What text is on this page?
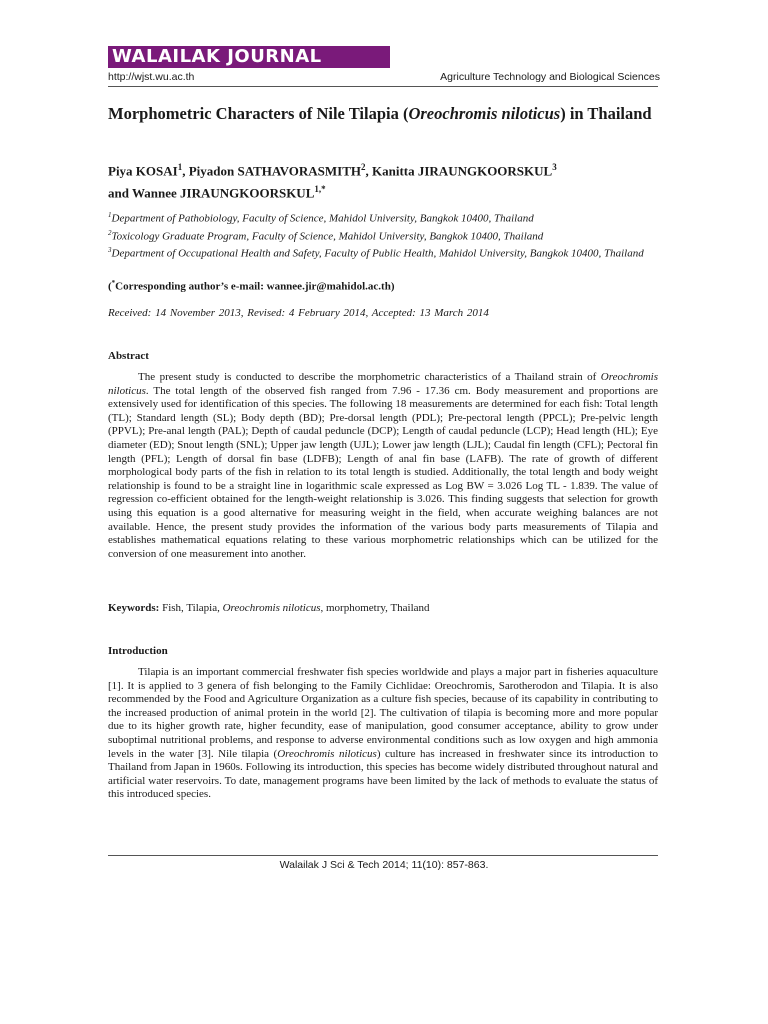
WALAILAK JOURNAL
http://wjst.wu.ac.th	Agriculture Technology and Biological Sciences
Morphometric Characters of Nile Tilapia (Oreochromis niloticus) in Thailand
Piya KOSAI$^1$, Piyadon SATHAVORASMITH$^2$, Kanitta JIRAUNGKOORSKUL$^3$
and Wannee $JIRAUNGKOORSKUL^{1,*}$
$^1$Department of Pathobiology, Faculty of Science, Mahidol University, Bangkok 10400, Thailand
$^2$Toxicology Graduate Program, Faculty of Science, Mahidol University, Bangkok 10400, Thailand
$^3$Department of Occupational Health and Safety, Faculty of Public Health, Mahidol University, Bangkok 10400, Thailand
(*Corresponding author’s e-mail: wannee.jir@mahidol.ac.th)
Received: 14 November 2013, Revised: 4 February 2014, Accepted: 13 March 2014
Abstract

The present study is conducted to describe the morphometric characteristics of a Thailand strain of Oreochromis niloticus. The total length of the observed fish ranged from 7.96 - 17.36 cm. Body measurement and proportions are extensively used for identification of this species. The following 18 measurements are determined for each fish: Total length (TL); Standard length (SL); Body depth (BD); Pre-dorsal length (PDL); Pre-pectoral length (PPCL); Pre-pelvic length (PPVL); Pre-anal length (PAL); Depth of caudal peduncle (DCP); Length of caudal peduncle (LCP); Head length (HL); Eye diameter (ED); Snout length (SNL); Upper jaw length (UJL); Lower jaw length (LJL); Caudal fin length (CFL); Pectoral fin length (PFL); Length of dorsal fin base (LDFB); Length of anal fin base (LAFB). The rate of growth of different morphological body parts of the fish in relation to its total length is studied. Additionally, the total length and body weight relationship is found to be a straight line in logarithmic scale expressed as Log BW = 3.026 Log TL - 1.839. The value of regression co-efficient obtained for the length-weight relationship is 3.026. This finding suggests that selection for growth using this equation is a good alternative for measuring weight in the field, when accurate weighing balances are not available. Hence, the present study provides the information of the various body parts measurements of Tilapia and establishes mathematical equations relating to these various morphometric relationships which can be utilized for the conversion of one measurement into another.

Keywords: Fish, Tilapia, Oreochromis niloticus, morphometry, Thailand
Introduction

Tilapia is an important commercial freshwater fish species worldwide and plays a major part in fisheries aquaculture [1]. It is applied to 3 genera of fish belonging to the Family Cichlidae: Oreochromis, Sarotherodon and Tilapia. It is also recommended by the Food and Agriculture Organization as a culture fish species, because of its capability in contributing to the increased production of animal protein in the world [2]. The cultivation of tilapia is becoming more and more popular due to its higher growth rate, higher fecundity, ease of manipulation, good consumer acceptance, ability to grow under suboptimal nutritional problems, and response to adverse environmental conditions such as low oxygen and high ammonia levels in the water [3]. Nile tilapia (Oreochromis niloticus) culture has increased in freshwater since its introduction to Thailand from Japan in 1960s. Following its introduction, this species has become widely distributed throughout natural and artificial water reservoirs. To date, management programs have been limited by the lack of methods to evaluate the status of this introduced species.

Walailak J Sci & Tech 2014; 11(10): 857-863.
